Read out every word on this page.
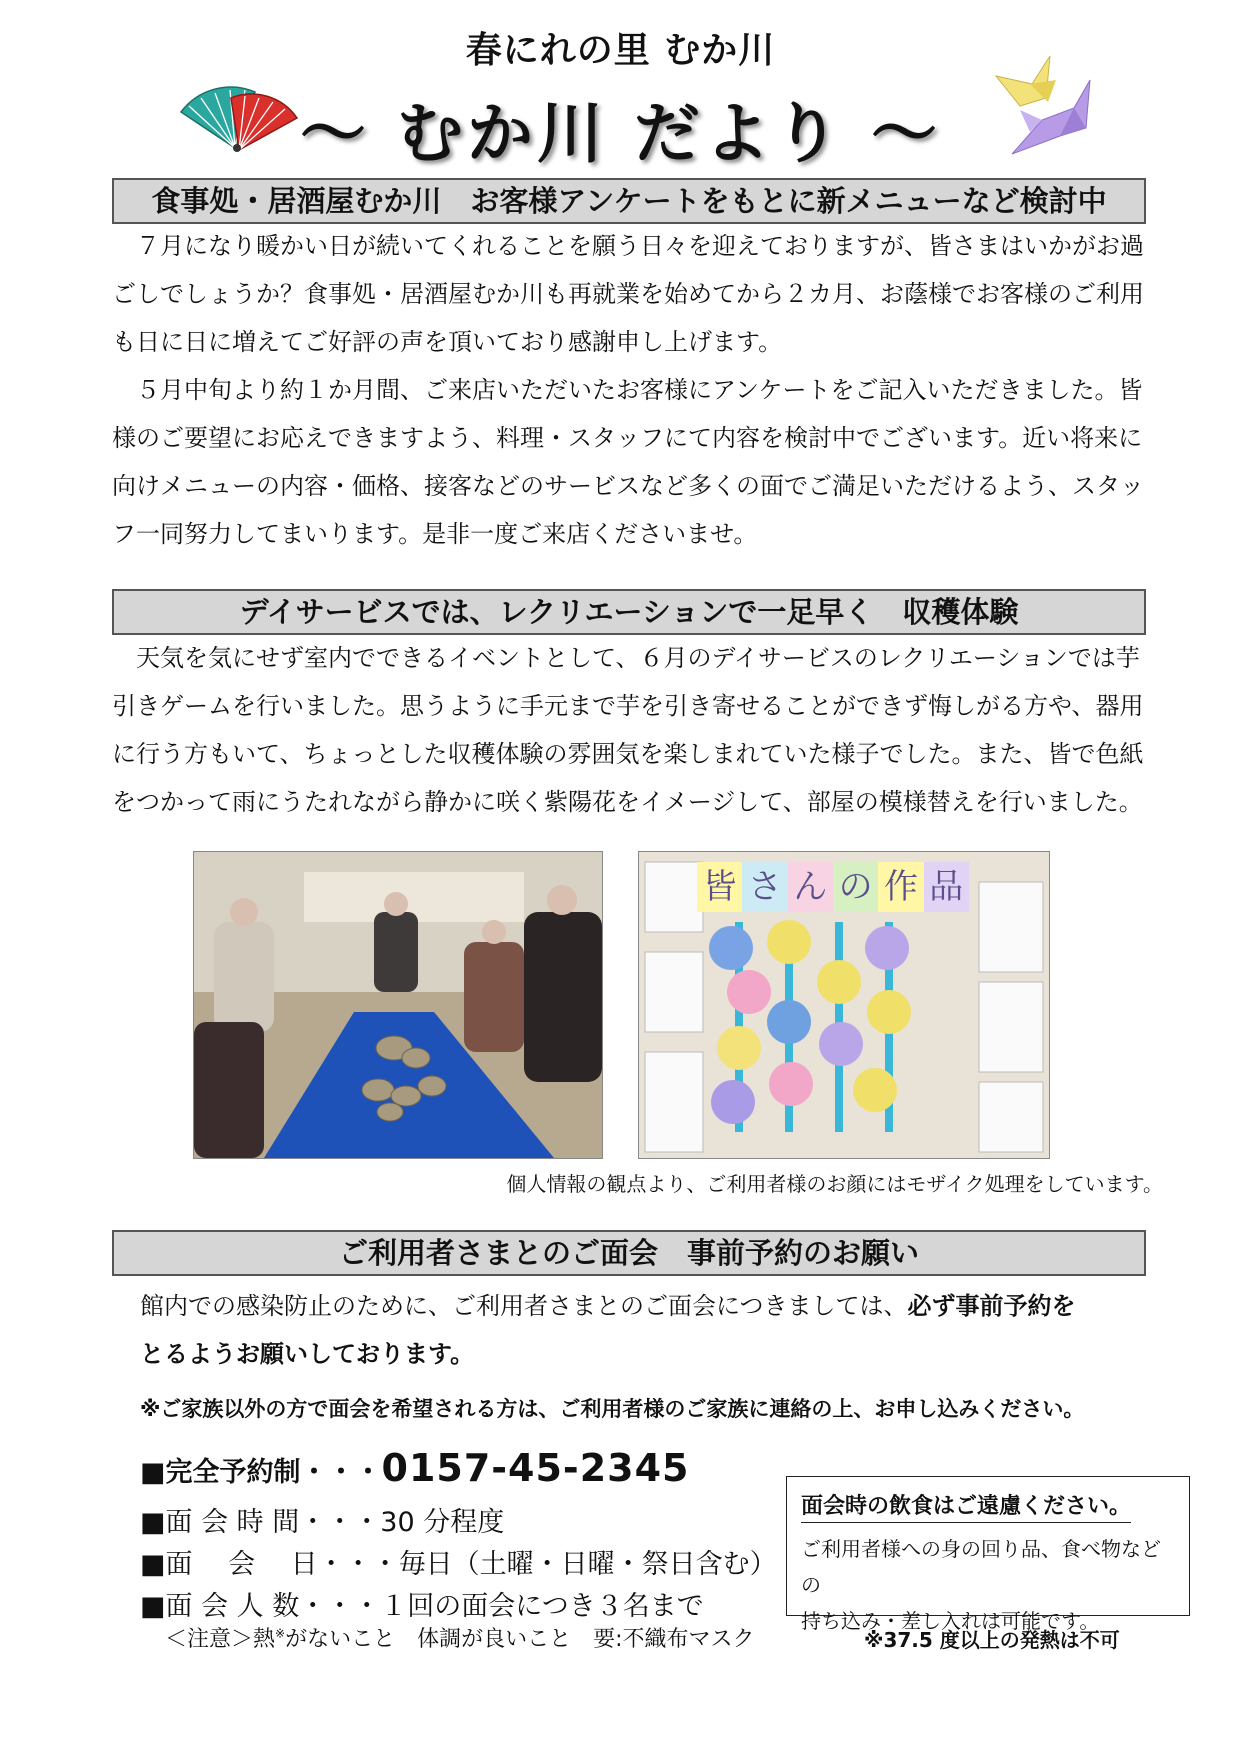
春にれの里 むか川
～ むか川 だより ～
食事処・居酒屋むか川　お客様アンケートをもとに新メニューなど検討中

　７月になり暖かい日が続いてくれることを願う日々を迎えておりますが、皆さまはいかがお過ごしでしょうか？食事処・居酒屋むか川も再就業を始めてから２カ月、お蔭様でお客様のご利用も日に日に増えてご好評の声を頂いており感謝申し上げます。

　５月中旬より約１か月間、ご来店いただいたお客様にアンケートをご記入いただきました。皆様のご要望にお応えできますよう、料理・スタッフにて内容を検討中でございます。近い将来に向けメニューの内容・価格、接客などのサービスなど多くの面でご満足いただけるよう、スタッフ一同努力してまいります。是非一度ご来店くださいませ。

デイサービスでは、レクリエーションで一足早く　収穫体験
　天気を気にせず室内でできるイベントとして、６月のデイサービスのレクリエーションでは芋引きゲームを行いました。思うように手元まで芋を引き寄せることができず悔しがる方や、器用に行う方もいて、ちょっとした収穫体験の雰囲気を楽しまれていた様子でした。また、皆で色紙をつかって雨にうたれながら静かに咲く紫陽花をイメージして、部屋の模様替えを行いました。
皆 さ ん の 作 品
個人情報の観点より、ご利用者様のお顔にはモザイク処理をしています。
ご利用者さまとのご面会　事前予約のお願い
館内での感染防止のために、ご利用者さまとのご面会につきましては、必ず事前予約を
とるようお願いしております。
※ご家族以外の方で面会を希望される方は、ご利用者様のご家族に連絡の上、お申し込みください。
■完全予約制・・・0157-45-2345
■面 会 時 間・・・30 分程度
■面　 会　 日・・・毎日（土曜・日曜・祭日含む）
■面 会 人 数・・・１回の面会につき３名まで
＜注意＞熱※がないこと　体調が良いこと　要:不織布マスク
面会時の飲食はご遠慮ください。
ご利用者様への身の回り品、食べ物などの
持ち込み・差し入れは可能です。
※37.5 度以上の発熱は不可
